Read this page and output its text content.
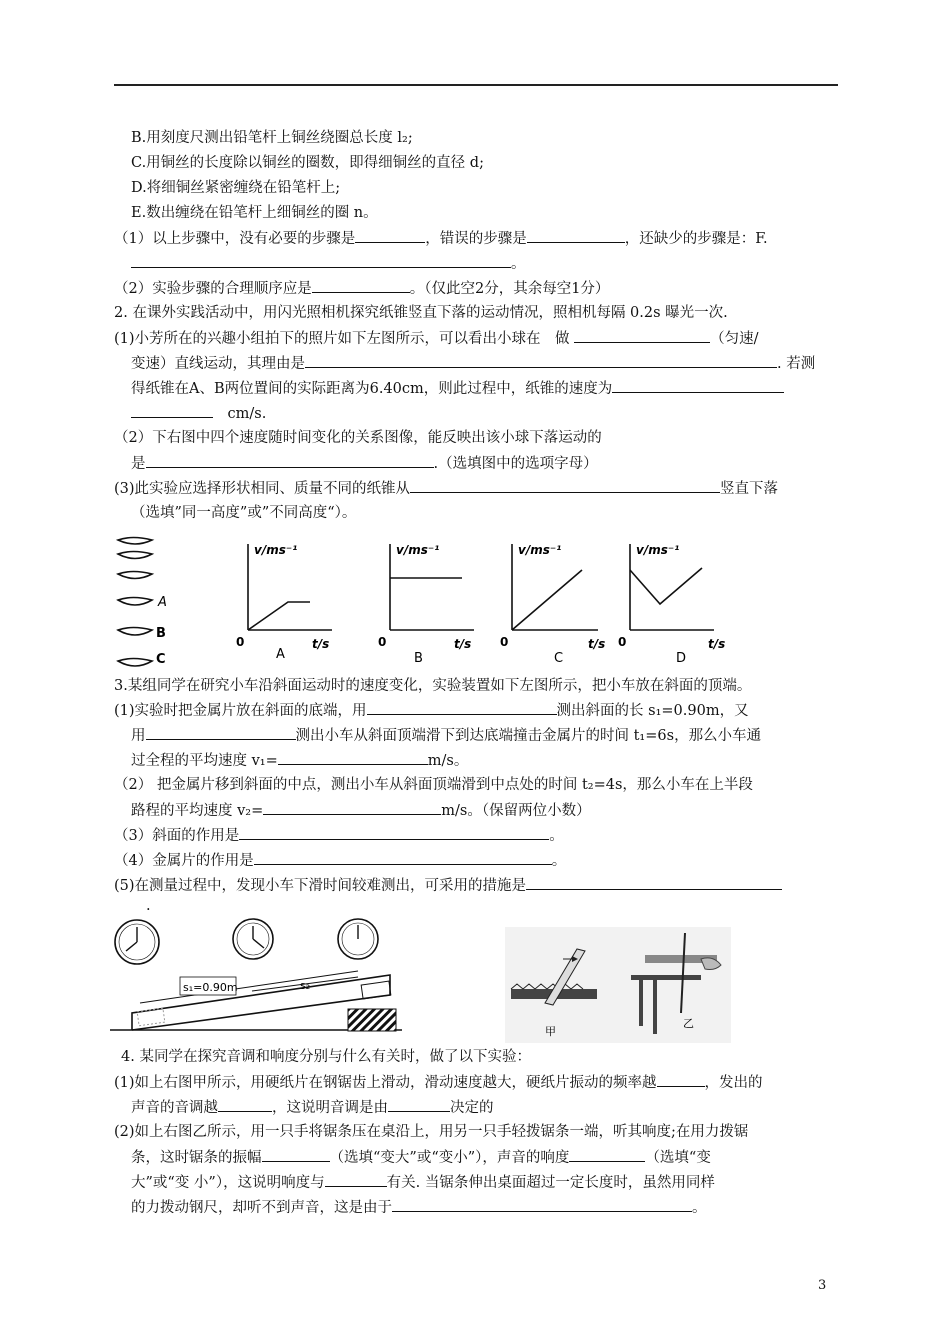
B.用刻度尺测出铅笔杆上铜丝绕圈总长度 l₂;
C.用铜丝的长度除以铜丝的圈数，即得细铜丝的直径 d;
D.将细铜丝紧密缠绕在铅笔杆上;
E.数出缠绕在铅笔杆上细铜丝的圈 n。
（1）以上步骤中，没有必要的步骤是	，错误的步骤是	，还缺少的步骤是：F.
。
（2）实验步骤的合理顺序应是	。（仅此空2分，其余每空1分）
2. 在课外实践活动中，用闪光照相机探究纸锥竖直下落的运动情况，照相机每隔 0.2s 曝光一次.
(1)小芳所在的兴趣小组拍下的照片如下左图所示，可以看出小球在　做	（匀速/
变速）直线运动，其理由是	. 若测
得纸锥在A、B两位置间的实际距离为6.40cm，则此过程中，纸锥的速度为
　cm/s.
（2）下右图中四个速度随时间变化的关系图像，能反映出该小球下落运动的
是	.（选填图中的选项字母）
(3)此实验应选择形状相同、质量不同的纸锥从	竖直下落
（选填”同一高度”或”不同高度“）。
A
B
C
v/ms⁻¹	v/ms⁻¹	v/ms⁻¹	v/ms⁻¹
t/s	t/s	t/s	t/s
0	0	0	0
A	B	C	D
3.某组同学在研究小车沿斜面运动时的速度变化，实验装置如下左图所示，把小车放在斜面的顶端。
(1)实验时把金属片放在斜面的底端，用	测出斜面的长 s₁=0.90m，又
用	测出小车从斜面顶端滑下到达底端撞击金属片的时间 t₁=6s，那么小车通
过全程的平均速度 v₁=	m/s。
（2） 把金属片移到斜面的中点，测出小车从斜面顶端滑到中点处的时间 t₂=4s，那么小车在上半段
路程的平均速度 v₂=	m/s。（保留两位小数）
（3）斜面的作用是	。
（4）金属片的作用是	。
(5)在测量过程中，发现小车下滑时间较难测出，可采用的措施是
.
s₁=0.90m	s₂
甲
乙
4. 某同学在探究音调和响度分别与什么有关时，做了以下实验：
(1)如上右图甲所示，用硬纸片在钢锯齿上滑动，滑动速度越大，硬纸片振动的频率越	，发出的
声音的音调越	，这说明音调是由	决定的
(2)如上右图乙所示，用一只手将锯条压在桌沿上，用另一只手轻拨锯条一端，听其响度;在用力拨锯
条，这时锯条的振幅	（选填“变大”或“变小”），声音的响度	（选填“变
大”或“变 小”），这说明响度与	有关. 当锯条伸出桌面超过一定长度时，虽然用同样
的力拨动钢尺，却听不到声音，这是由于	。
3
